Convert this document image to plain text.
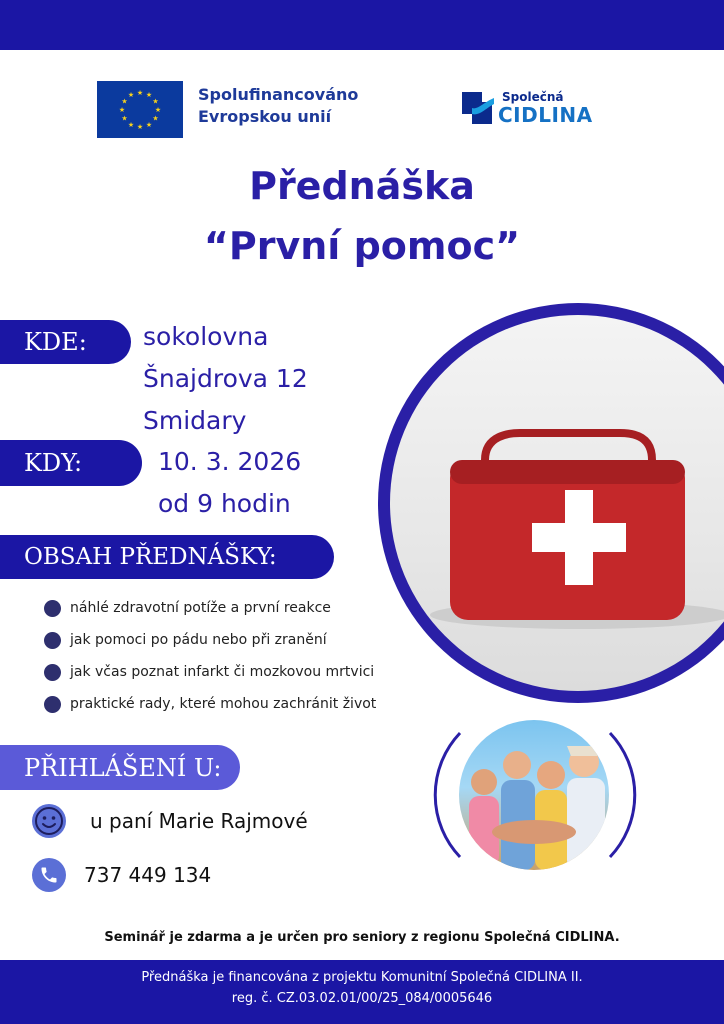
★ ★
★
★
★
★
★
★
★
★
★
★	Spolufinancováno
Evropskou unií
Společná
CIDLINA
Přednáška
“První pomoc”
KDE:	sokolovna
Šnajdrova 12
Smidary
KDY:	10. 3. 2026
od 9 hodin
OBSAH PŘEDNÁŠKY:
náhlé zdravotní potíže a první reakce
jak pomoci po pádu nebo při zranění
jak včas poznat infarkt či mozkovou mrtvici
praktické rady, které mohou zachránit život
PŘIHLÁŠENÍ U:
u paní Marie Rajmové
737 449 134
Seminář je zdarma a je určen pro seniory z regionu Společná CIDLINA.
Přednáška je financována z projektu Komunitní Společná CIDLINA II.
reg. č. CZ.03.02.01/00/25_084/0005646
